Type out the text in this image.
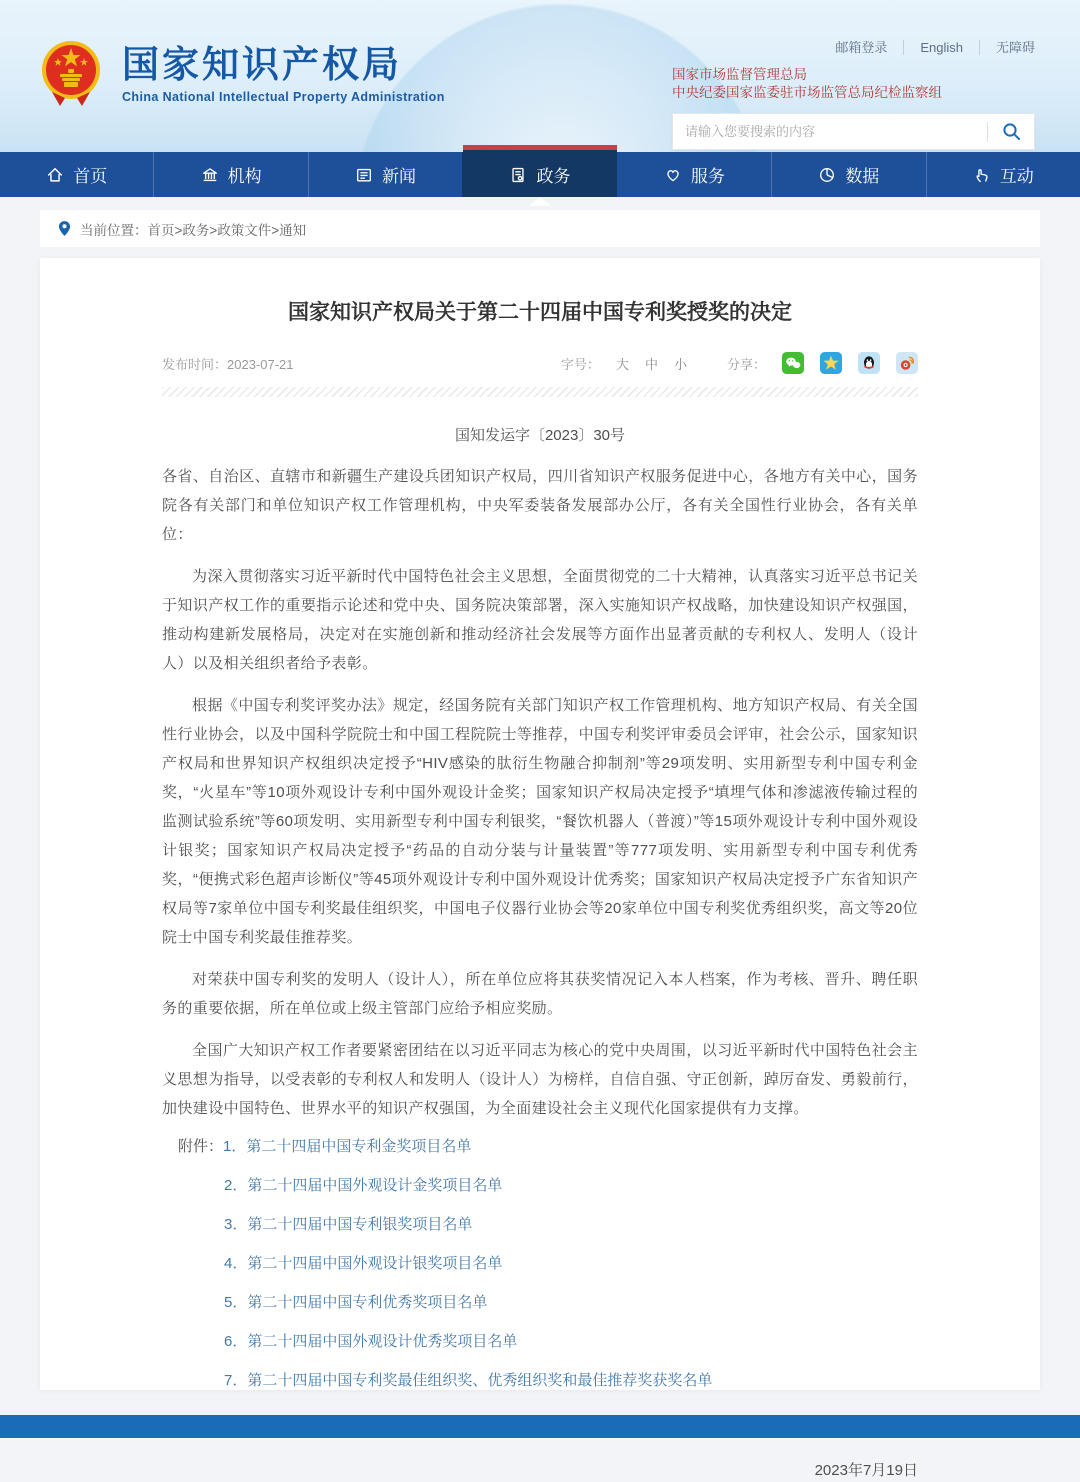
国家知识产权局
China National Intellectual Property Administration
邮箱登录	English	无障碍
国家市场监督管理总局
中央纪委国家监委驻市场监管总局纪检监察组
请输入您要搜索的内容
首页	机构	新闻	政务	服务	数据	互动
当前位置： 首页>政务>政策文件>通知
国家知识产权局关于第二十四届中国专利奖授奖的决定
发布时间：2023-07-21	字号： 大 中 小	分享：
国知发运字〔2023〕30号

各省、自治区、直辖市和新疆生产建设兵团知识产权局，四川省知识产权服务促进中心，各地方有关中心，国务院各有关部门和单位知识产权工作管理机构，中央军委装备发展部办公厅，各有关全国性行业协会，各有关单位：

为深入贯彻落实习近平新时代中国特色社会主义思想，全面贯彻党的二十大精神，认真落实习近平总书记关于知识产权工作的重要指示论述和党中央、国务院决策部署，深入实施知识产权战略，加快建设知识产权强国，推动构建新发展格局，决定对在实施创新和推动经济社会发展等方面作出显著贡献的专利权人、发明人（设计人）以及相关组织者给予表彰。

根据《中国专利奖评奖办法》规定，经国务院有关部门知识产权工作管理机构、地方知识产权局、有关全国性行业协会，以及中国科学院院士和中国工程院院士等推荐，中国专利奖评审委员会评审，社会公示，国家知识产权局和世界知识产权组织决定授予“HIV感染的肽衍生物融合抑制剂”等29项发明、实用新型专利中国专利金奖，“火星车”等10项外观设计专利中国外观设计金奖；国家知识产权局决定授予“填埋气体和渗滤液传输过程的监测试验系统”等60项发明、实用新型专利中国专利银奖，“餐饮机器人（普渡）”等15项外观设计专利中国外观设计银奖；国家知识产权局决定授予“药品的自动分装与计量装置”等777项发明、实用新型专利中国专利优秀奖，“便携式彩色超声诊断仪”等45项外观设计专利中国外观设计优秀奖；国家知识产权局决定授予广东省知识产权局等7家单位中国专利奖最佳组织奖，中国电子仪器行业协会等20家单位中国专利奖优秀组织奖，高文等20位院士中国专利奖最佳推荐奖。

对荣获中国专利奖的发明人（设计人），所在单位应将其获奖情况记入本人档案，作为考核、晋升、聘任职务的重要依据，所在单位或上级主管部门应给予相应奖励。

全国广大知识产权工作者要紧密团结在以习近平同志为核心的党中央周围，以习近平新时代中国特色社会主义思想为指导，以受表彰的专利权人和发明人（设计人）为榜样，自信自强、守正创新，踔厉奋发、勇毅前行，加快建设中国特色、世界水平的知识产权强国，为全面建设社会主义现代化国家提供有力支撑。

附件：1．第二十四届中国专利金奖项目名单
2．第二十四届中国外观设计金奖项目名单
3．第二十四届中国专利银奖项目名单
4．第二十四届中国外观设计银奖项目名单
5．第二十四届中国专利优秀奖项目名单
6．第二十四届中国外观设计优秀奖项目名单
7．第二十四届中国专利奖最佳组织奖、优秀组织奖和最佳推荐奖获奖名单
2023年7月19日
